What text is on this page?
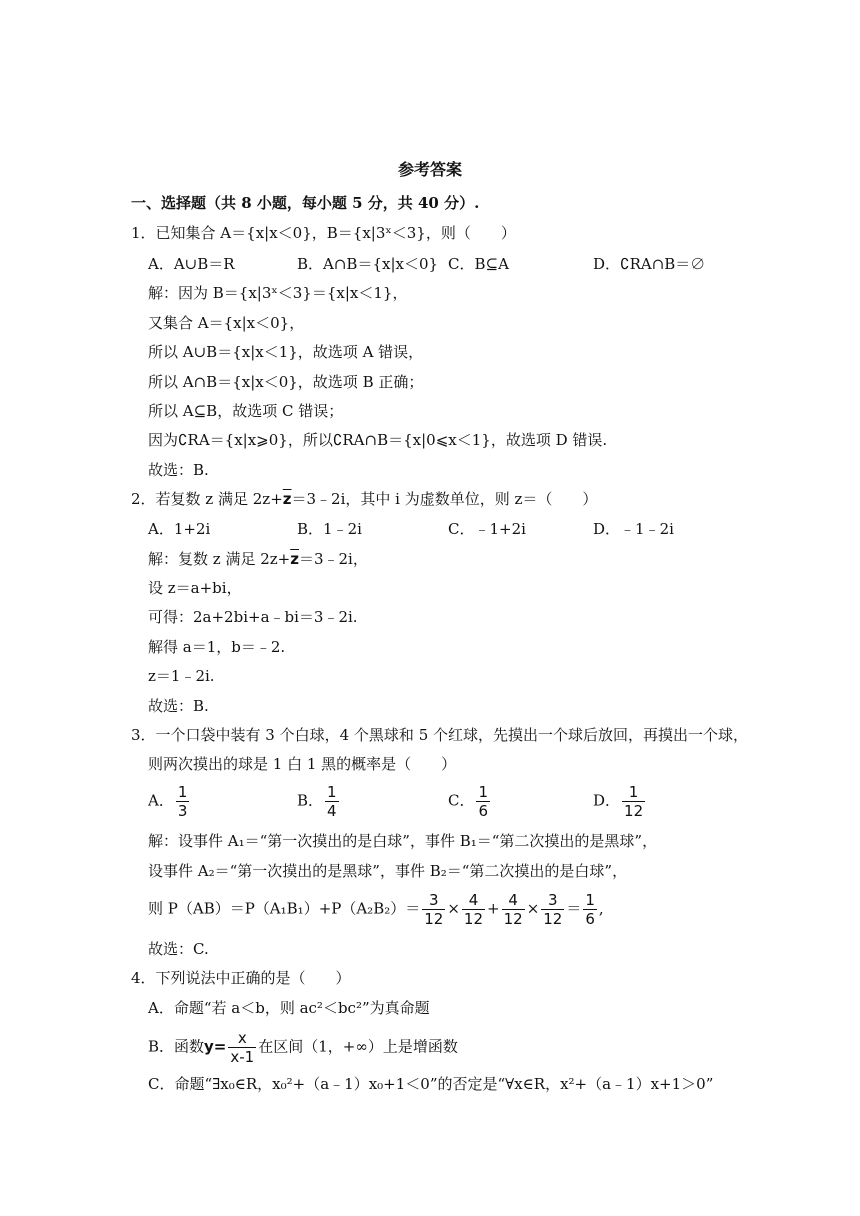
参考答案
一、选择题（共 8 小题，每小题 5 分，共 40 分）.
1．已知集合 A＝{x|x＜0}，B＝{x|3ˣ＜3}，则（　　）
A．A∪B＝R	B．A∩B＝{x|x＜0} C．B⊆A	D．∁RA∩B＝∅
解：因为 B＝{x|3ˣ＜3}＝{x|x＜1}，
又集合 A＝{x|x＜0}，
所以 A∪B＝{x|x＜1}，故选项 A 错误，
所以 A∩B＝{x|x＜0}，故选项 B 正确；
所以 A⊆B，故选项 C 错误；
因为∁RA＝{x|x⩾0}，所以∁RA∩B＝{x|0⩽x＜1}，故选项 D 错误.
故选：B.
2．若复数 z 满足 $2z+\overline{z}=3﹣2i$，其中 i 为虚数单位，则 z＝（　　）
A．1+2i	B．1﹣2i	C．﹣1+2i	D．﹣1﹣2i
解：复数 z 满足 $2z+\overline{z}=3﹣2i$，
设 z＝a+bi，
可得：2a+2bi+a﹣bi＝3﹣2i.
解得 a＝1，b＝﹣2.
z＝1﹣2i.
故选：B.
3．一个口袋中装有 3 个白球，4 个黑球和 5 个红球，先摸出一个球后放回，再摸出一个球，
则两次摸出的球是 1 白 1 黑的概率是（　　）
A． $\frac{1}{3}$	B． $\frac{1}{4}$	C． $\frac{1}{6}$	D． $\frac{1}{12}$
解：设事件 A₁＝“第一次摸出的是白球”，事件 B₁＝“第二次摸出的是黑球”，
设事件 A₂＝“第一次摸出的是黑球”，事件 B₂＝“第二次摸出的是白球”，
则 $P(AB)=P(A_1B_1)+P(A_2B_2)= \frac{3}{12} \times \frac{4}{12} + \frac{4}{12} \times \frac{3}{12} = \frac{1}{6}$ ,
故选：C.
4．下列说法中正确的是（　　）
A．命题“若 a＜b，则 ac²＜bc²”为真命题
B．函数$y= \frac{x}{x-1}$ 在区间（1，+∞）上是增函数
C．命题“∃x₀∈R，x₀²+（a﹣1）x₀+1＜0”的否定是“∀x∈R，x²+（a﹣1）x+1＞0”
